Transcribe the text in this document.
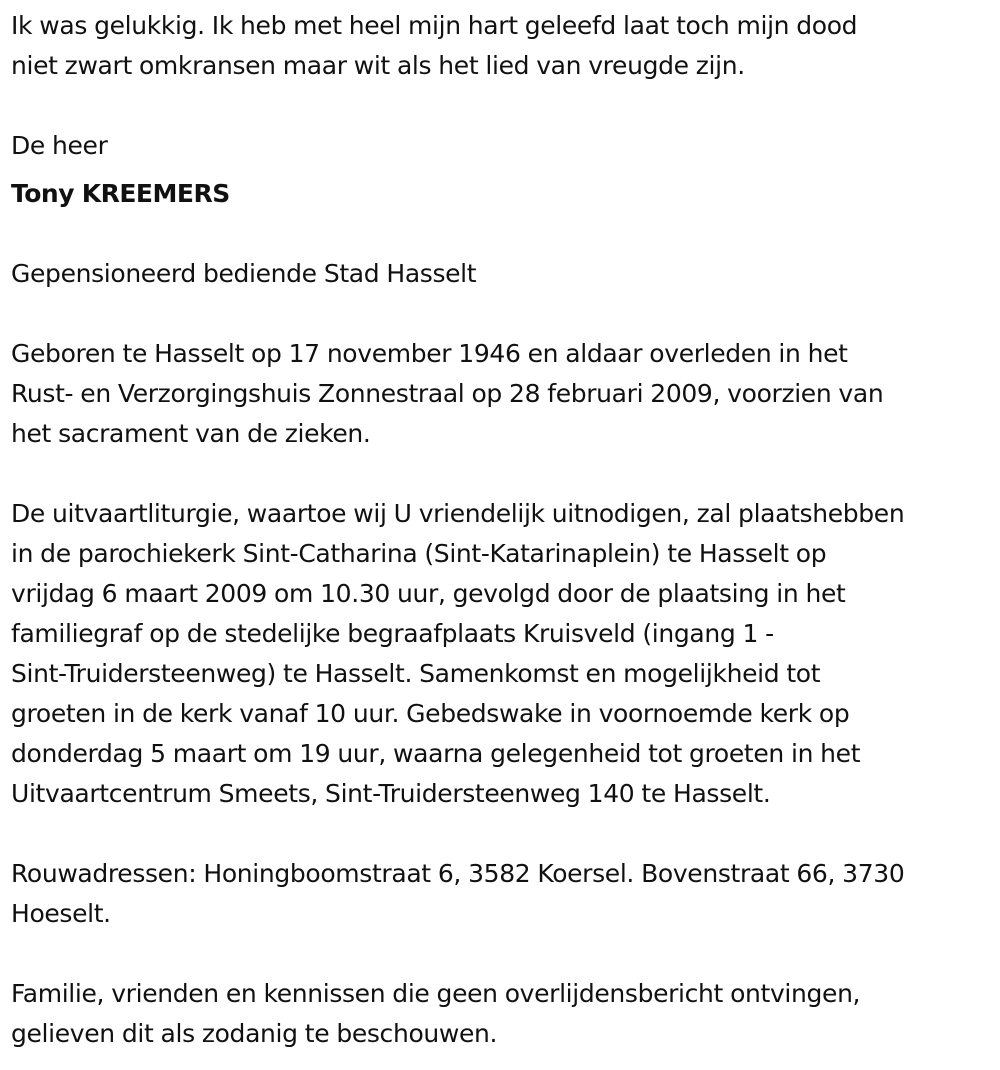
Ik was gelukkig. Ik heb met heel mijn hart geleefd laat toch mijn dood
niet zwart omkransen maar wit als het lied van vreugde zijn.

De heer

Tony KREEMERS

Gepensioneerd bediende Stad Hasselt

Geboren te Hasselt op 17 november 1946 en aldaar overleden in het
Rust- en Verzorgingshuis Zonnestraal op 28 februari 2009, voorzien van
het sacrament van de zieken.

De uitvaartliturgie, waartoe wij U vriendelijk uitnodigen, zal plaatshebben
in de parochiekerk Sint-Catharina (Sint-Katarinaplein) te Hasselt op
vrijdag 6 maart 2009 om 10.30 uur, gevolgd door de plaatsing in het
familiegraf op de stedelijke begraafplaats Kruisveld (ingang 1 -
Sint-Truidersteenweg) te Hasselt. Samenkomst en mogelijkheid tot
groeten in de kerk vanaf 10 uur. Gebedswake in voornoemde kerk op
donderdag 5 maart om 19 uur, waarna gelegenheid tot groeten in het
Uitvaartcentrum Smeets, Sint-Truidersteenweg 140 te Hasselt.

Rouwadressen: Honingboomstraat 6, 3582 Koersel. Bovenstraat 66, 3730
Hoeselt.

Familie, vrienden en kennissen die geen overlijdensbericht ontvingen,
gelieven dit als zodanig te beschouwen.
